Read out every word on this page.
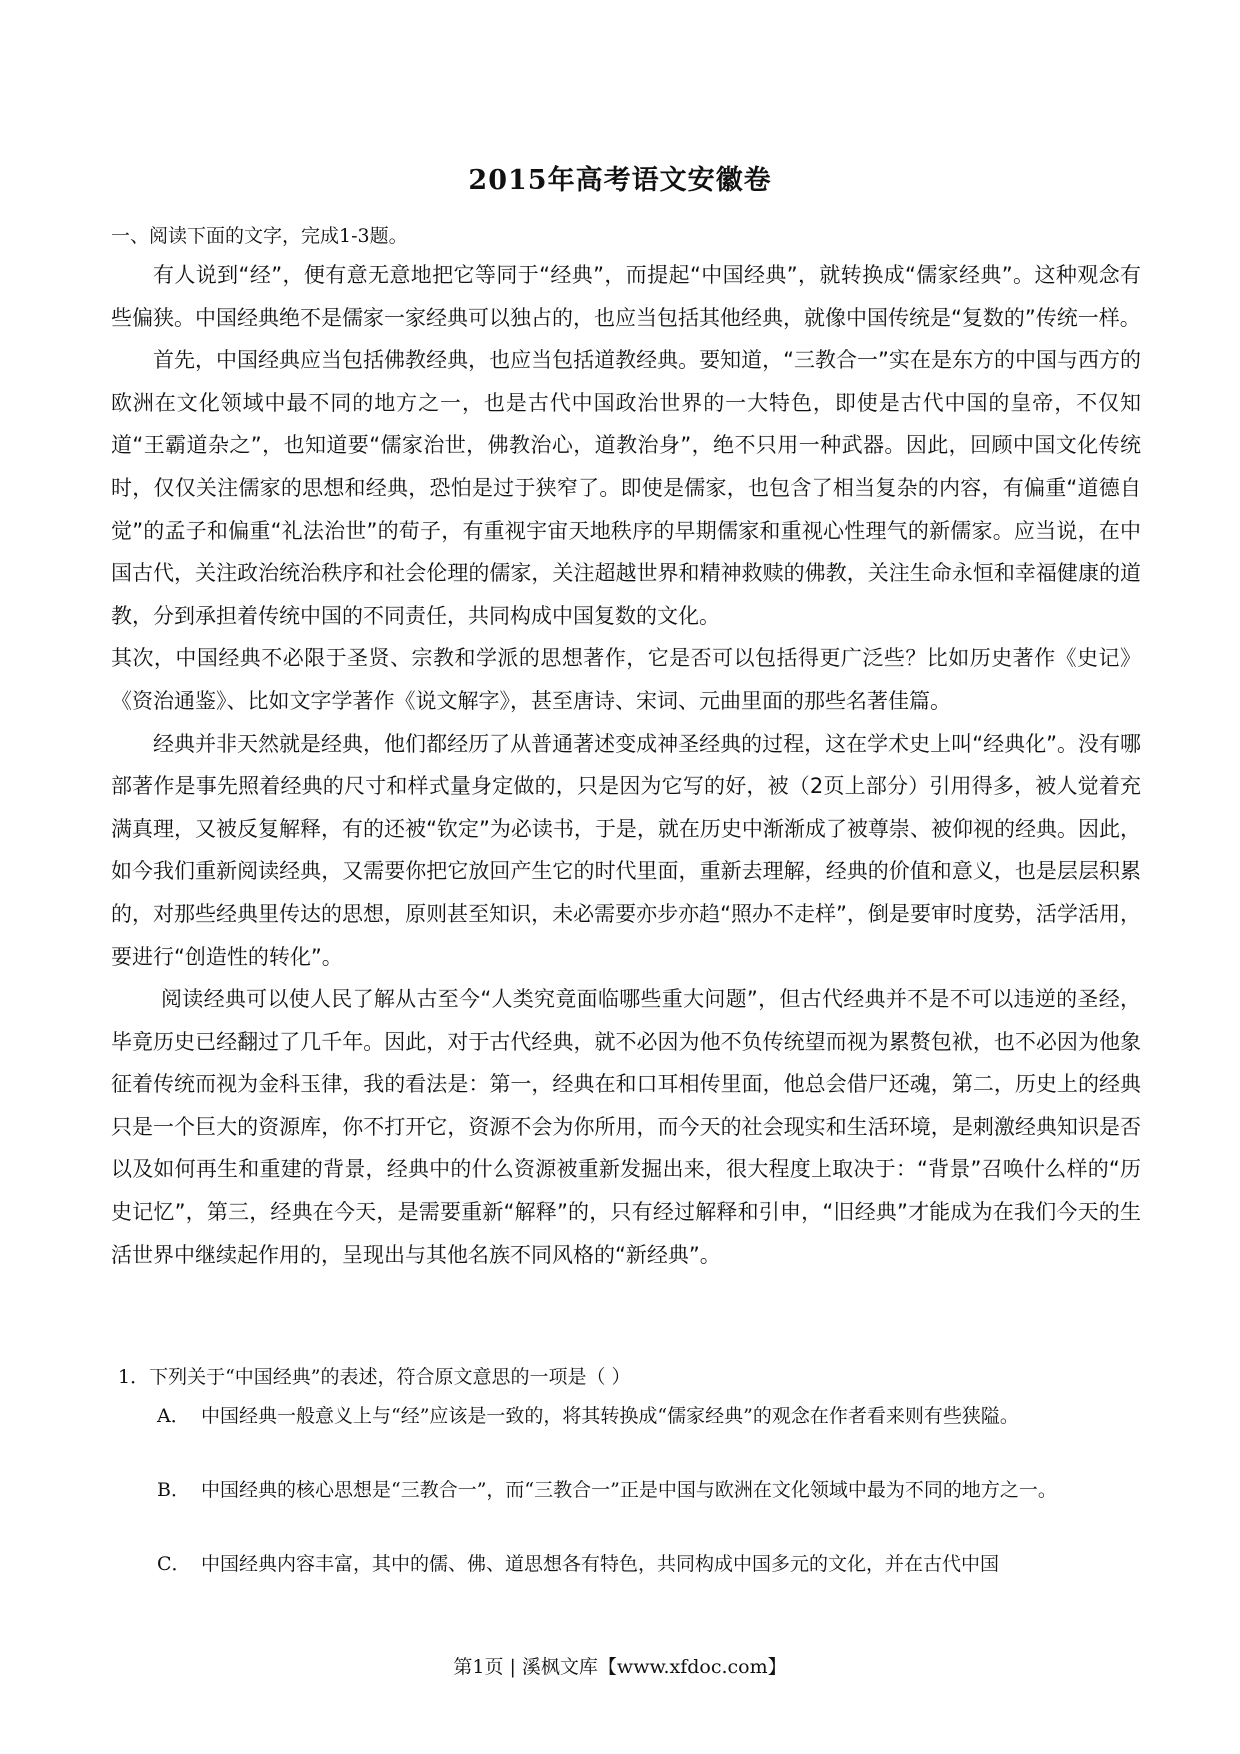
2015年高考语文安徽卷
一、阅读下面的文字，完成1-3题。

有人说到“经”，便有意无意地把它等同于“经典”，而提起“中国经典”，就转换成“儒家经典”。这种观念有些偏狭。中国经典绝不是儒家一家经典可以独占的，也应当包括其他经典，就像中国传统是“复数的”传统一样。

首先，中国经典应当包括佛教经典，也应当包括道教经典。要知道，“三教合一”实在是东方的中国与西方的欧洲在文化领域中最不同的地方之一，也是古代中国政治世界的一大特色，即使是古代中国的皇帝，不仅知道“王霸道杂之”，也知道要“儒家治世，佛教治心，道教治身”，绝不只用一种武器。因此，回顾中国文化传统时，仅仅关注儒家的思想和经典，恐怕是过于狭窄了。即使是儒家，也包含了相当复杂的内容，有偏重“道德自觉”的孟子和偏重“礼法治世”的荀子，有重视宇宙天地秩序的早期儒家和重视心性理气的新儒家。应当说，在中国古代，关注政治统治秩序和社会伦理的儒家，关注超越世界和精神救赎的佛教，关注生命永恒和幸福健康的道教，分到承担着传统中国的不同责任，共同构成中国复数的文化。

其次，中国经典不必限于圣贤、宗教和学派的思想著作，它是否可以包括得更广泛些？比如历史著作《史记》《资治通鉴》、比如文字学著作《说文解字》，甚至唐诗、宋词、元曲里面的那些名著佳篇。

经典并非天然就是经典，他们都经历了从普通著述变成神圣经典的过程，这在学术史上叫“经典化”。没有哪部著作是事先照着经典的尺寸和样式量身定做的，只是因为它写的好，被（2页上部分）引用得多，被人觉着充满真理，又被反复解释，有的还被“钦定”为必读书，于是，就在历史中渐渐成了被尊崇、被仰视的经典。因此，如今我们重新阅读经典，又需要你把它放回产生它的时代里面，重新去理解，经典的价值和意义，也是层层积累的，对那些经典里传达的思想，原则甚至知识，未必需要亦步亦趋“照办不走样”，倒是要审时度势，活学活用，要进行“创造性的转化”。

阅读经典可以使人民了解从古至今“人类究竟面临哪些重大问题”，但古代经典并不是不可以违逆的圣经，毕竟历史已经翻过了几千年。因此，对于古代经典，就不必因为他不负传统望而视为累赘包袱，也不必因为他象征着传统而视为金科玉律，我的看法是：第一，经典在和口耳相传里面，他总会借尸还魂，第二，历史上的经典只是一个巨大的资源库，你不打开它，资源不会为你所用，而今天的社会现实和生活环境，是刺激经典知识是否以及如何再生和重建的背景，经典中的什么资源被重新发掘出来，很大程度上取决于：“背景”召唤什么样的“历史记忆”，第三，经典在今天，是需要重新“解释”的，只有经过解释和引申，“旧经典”才能成为在我们今天的生活世界中继续起作用的，呈现出与其他名族不同风格的“新经典”。

1．下列关于“中国经典”的表述，符合原文意思的一项是（ ）
A． 中国经典一般意义上与“经”应该是一致的，将其转换成“儒家经典”的观念在作者看来则有些狭隘。
B． 中国经典的核心思想是“三教合一”，而“三教合一”正是中国与欧洲在文化领域中最为不同的地方之一。
C． 中国经典内容丰富，其中的儒、佛、道思想各有特色，共同构成中国多元的文化，并在古代中国
第1页 | 溪枫文库【www.xfdoc.com】
